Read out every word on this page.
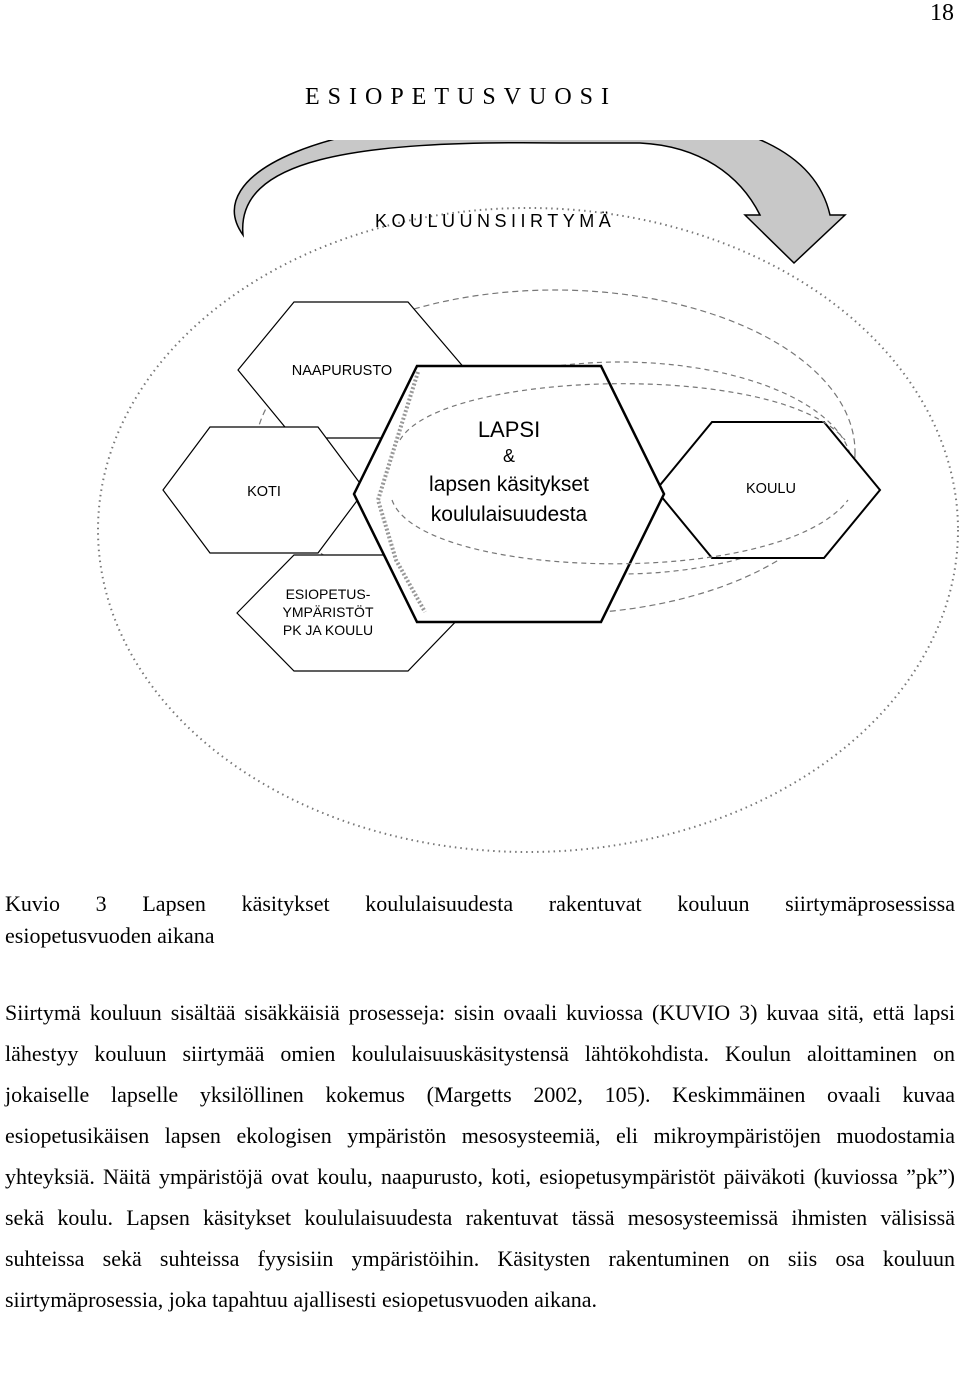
18
ESIOPETUSVUOSI
KOULUUNSIIRTYMÄ
NAAPURUSTO
KOTI	KOULU
LAPSI
&
lapsen käsitykset
koululaisuudesta
ESIOPETUS-
YMPÄRISTÖT
PK JA KOULU
Kuvio 3 Lapsen käsitykset koululaisuudesta rakentuvat kouluun siirtymäprosessissa
esiopetusvuoden aikana
Siirtymä kouluun sisältää sisäkkäisiä prosesseja: sisin ovaali kuviossa (KUVIO 3) kuvaa sitä, että lapsi lähestyy kouluun siirtymää omien koululaisuuskäsitystensä lähtökohdista. Koulun aloittaminen on jokaiselle lapselle yksilöllinen kokemus (Margetts 2002, 105). Keskimmäinen ovaali kuvaa esiopetusikäisen lapsen ekologisen ympäristön mesosysteemiä, eli mikroympäristöjen muodostamia yhteyksiä. Näitä ympäristöjä ovat koulu, naapurusto, koti, esiopetusympäristöt päiväkoti (kuviossa ”pk”) sekä koulu. Lapsen käsitykset koululaisuudesta rakentuvat tässä mesosysteemissä ihmisten välisissä suhteissa sekä suhteissa fyysisiin ympäristöihin. Käsitysten rakentuminen on siis osa kouluun siirtymäprosessia, joka tapahtuu ajallisesti esiopetusvuoden aikana.
